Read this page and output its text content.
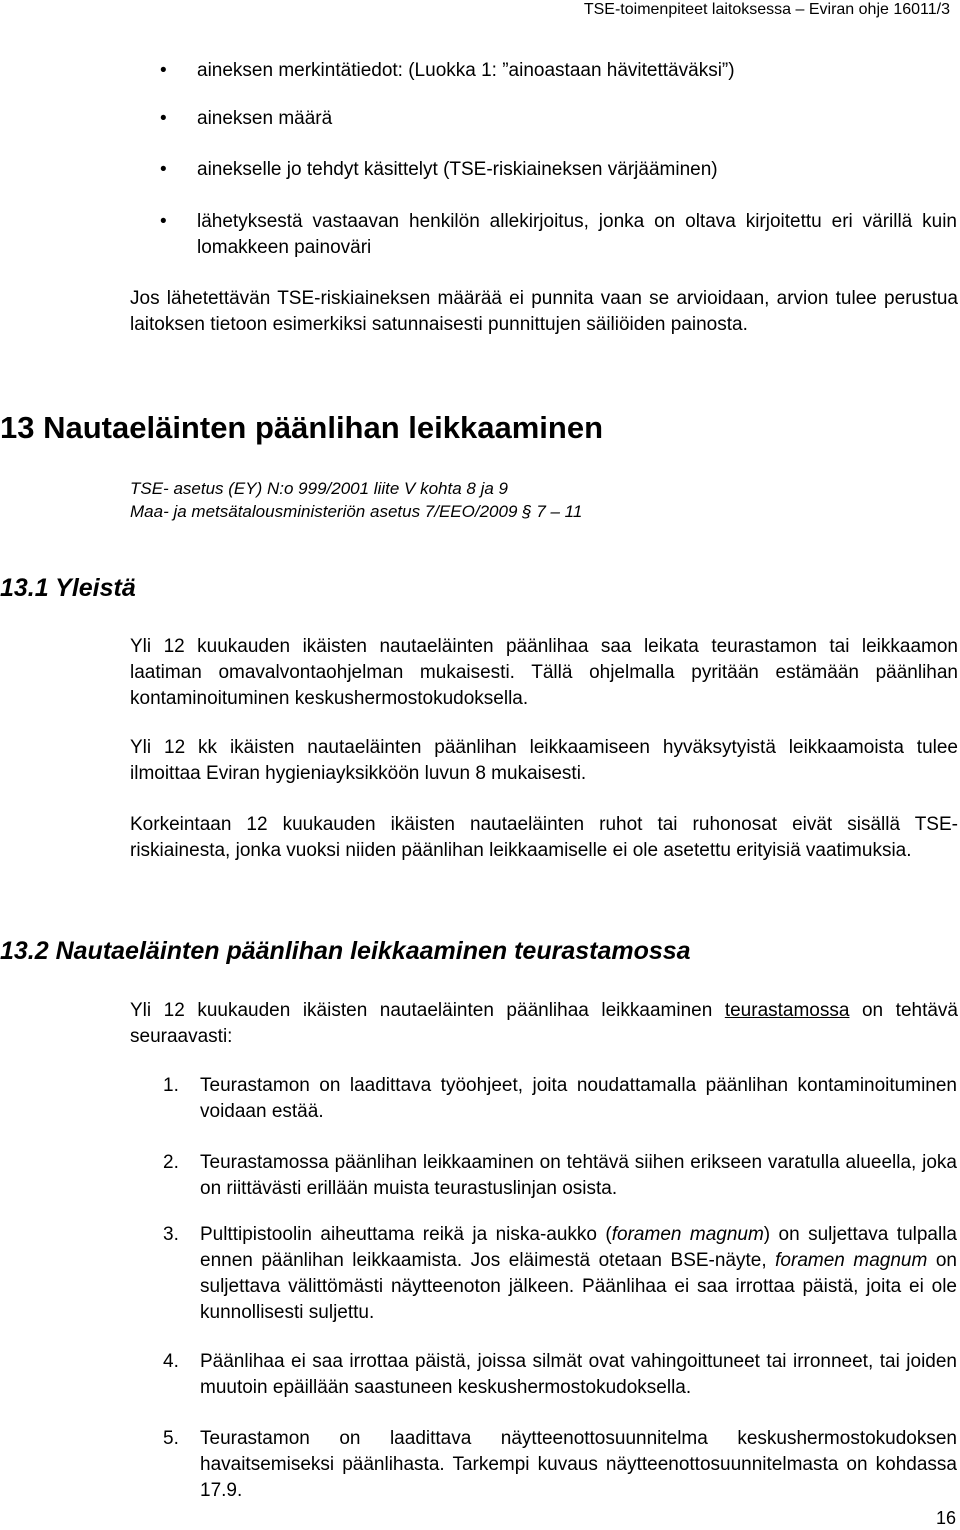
TSE-toimenpiteet laitoksessa – Eviran ohje 16011/3
• aineksen merkintätiedot: (Luokka 1: ”ainoastaan hävitettäväksi”)
• aineksen määrä
• ainekselle jo tehdyt käsittelyt (TSE-riskiaineksen värjääminen)
• lähetyksestä vastaavan henkilön allekirjoitus, jonka on oltava kirjoitettu eri värillä kuin lomakkeen painoväri
Jos lähetettävän TSE-riskiaineksen määrää ei punnita vaan se arvioidaan, arvion tulee perustua laitoksen tietoon esimerkiksi satunnaisesti punnittujen säiliöiden painosta.
13 Nautaeläinten päänlihan leikkaaminen
TSE- asetus (EY) N:o 999/2001 liite V kohta 8 ja 9
Maa- ja metsätalousministeriön asetus 7/EEO/2009 § 7 – 11
13.1 Yleistä
Yli 12 kuukauden ikäisten nautaeläinten päänlihaa saa leikata teurastamon tai leikkaamon laatiman omavalvontaohjelman mukaisesti. Tällä ohjelmalla pyritään estämään päänlihan kontaminoituminen keskushermostokudoksella.
Yli 12 kk ikäisten nautaeläinten päänlihan leikkaamiseen hyväksytyistä leikkaamoista tulee ilmoittaa Eviran hygieniayksikköön luvun 8 mukaisesti.
Korkeintaan 12 kuukauden ikäisten nautaeläinten ruhot tai ruhonosat eivät sisällä TSE-riskiainesta, jonka vuoksi niiden päänlihan leikkaamiselle ei ole asetettu erityisiä vaatimuksia.
13.2 Nautaeläinten päänlihan leikkaaminen teurastamossa
Yli 12 kuukauden ikäisten nautaeläinten päänlihaa leikkaaminen teurastamossa on tehtävä seuraavasti:
1. Teurastamon on laadittava työohjeet, joita noudattamalla päänlihan kontaminoituminen voidaan estää.
2. Teurastamossa päänlihan leikkaaminen on tehtävä siihen erikseen varatulla alueella, joka on riittävästi erillään muista teurastuslinjan osista.
3. Pulttipistoolin aiheuttama reikä ja niska-aukko (foramen magnum) on suljettava tulpalla ennen päänlihan leikkaamista. Jos eläimestä otetaan BSE-näyte, foramen magnum on suljettava välittömästi näytteenoton jälkeen. Päänlihaa ei saa irrottaa päistä, joita ei ole kunnollisesti suljettu.
4. Päänlihaa ei saa irrottaa päistä, joissa silmät ovat vahingoittuneet tai irronneet, tai joiden muutoin epäillään saastuneen keskushermostokudoksella.
5. Teurastamon on laadittava näytteenottosuunnitelma keskushermostokudoksen havaitsemiseksi päänlihasta. Tarkempi kuvaus näytteenottosuunnitelmasta on kohdassa 17.9.
16
